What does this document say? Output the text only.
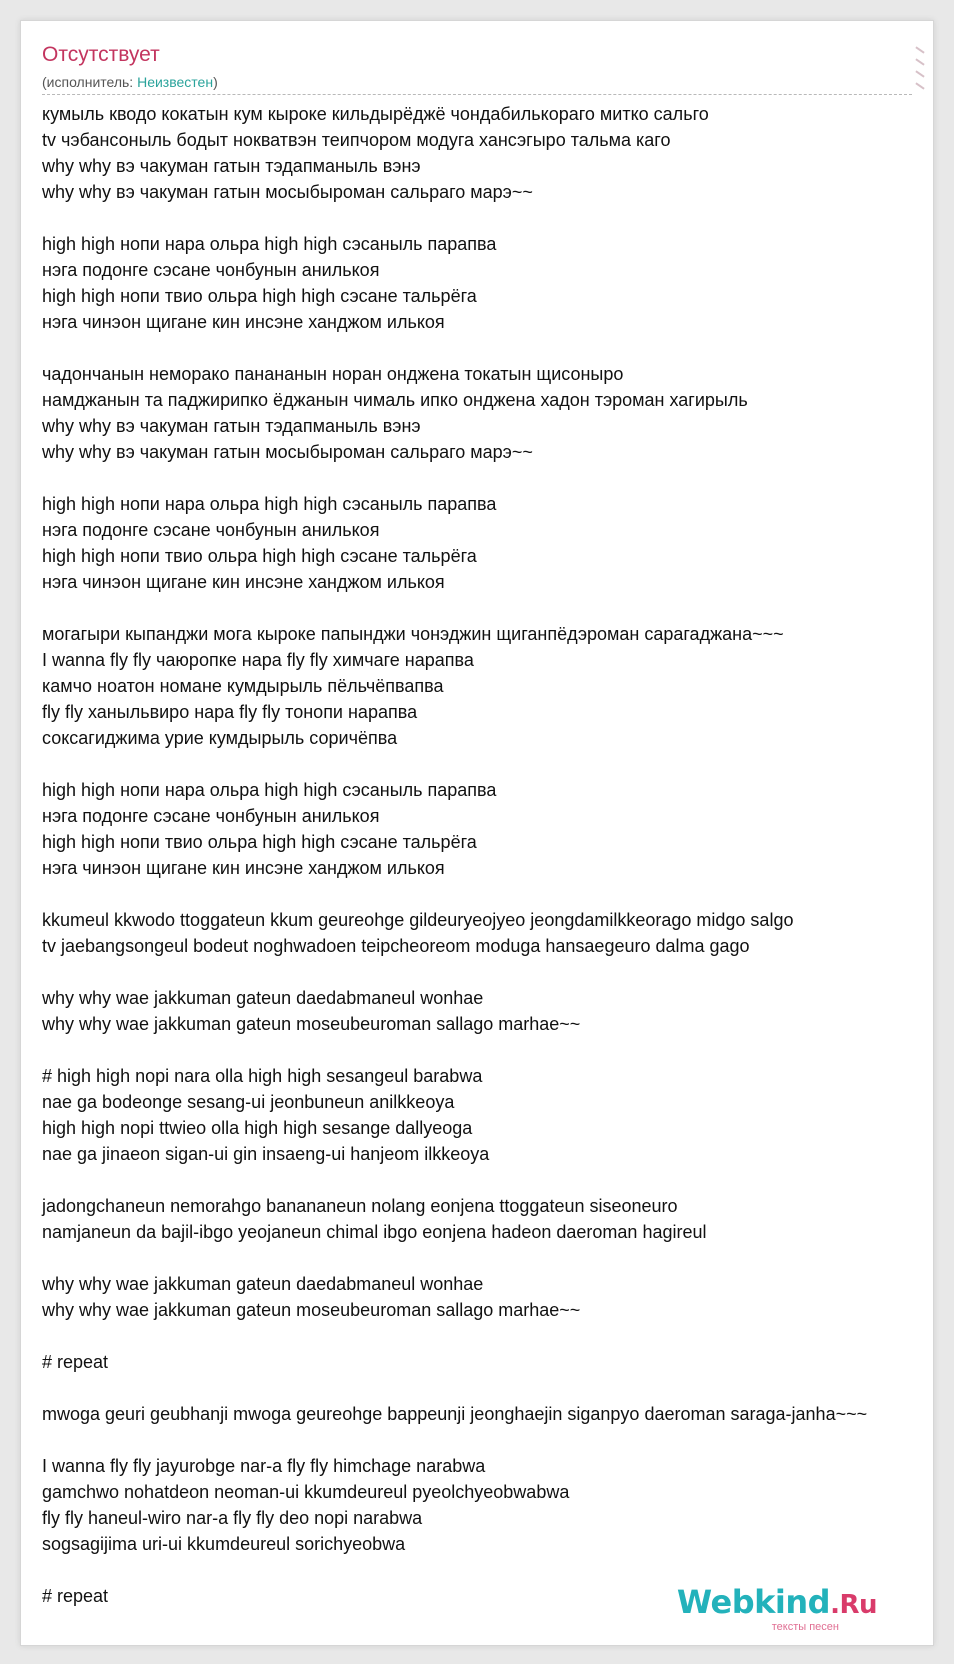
Отсутствует
(исполнитель: Неизвестен)
кумыль кводо кокатын кум кыроке кильдырёджё чондабилькораго митко сальго
tv чэбансоныль бодыт нокватвэн теипчором модуга хансэгыро тальма каго
why why вэ чакуман гатын тэдапманыль вэнэ
why why вэ чакуман гатын мосыбыроман сальраго марэ~~
high high нопи нара ольра high high сэсаныль парапва
нэга подонге сэсане чонбунын анилькоя
high high нопи твио ольра high high сэсане тальрёга
нэга чинэон щигане кин инсэне ханджом илькоя
чадончанын неморако панананын норан онджена токатын щисоныро
намджанын та паджирипко ёджанын чималь ипко онджена хадон тэроман хагирыль
why why вэ чакуман гатын тэдапманыль вэнэ
why why вэ чакуман гатын мосыбыроман сальраго марэ~~
high high нопи нара ольра high high сэсаныль парапва
нэга подонге сэсане чонбунын анилькоя
high high нопи твио ольра high high сэсане тальрёга
нэга чинэон щигане кин инсэне ханджом илькоя
могагыри кыпанджи мога кыроке папынджи чонэджин щиганпёдэроман сарагаджана~~~
I wanna fly fly чаюропке нара fly fly химчаге нарапва
камчо ноатон номане кумдырыль пёльчёпвапва
fly fly ханыльвиро нара fly fly тонопи нарапва
соксагиджима урие кумдырыль соричёпва
high high нопи нара ольра high high сэсаныль парапва
нэга подонге сэсане чонбунын анилькоя
high high нопи твио ольра high high сэсане тальрёга
нэга чинэон щигане кин инсэне ханджом илькоя
kkumeul kkwodo ttoggateun kkum geureohge gildeuryeojyeo jeongdamilkkeorago midgo salgo
tv jaebangsongeul bodeut noghwadoen teipcheoreom moduga hansaegeuro dalma gago
why why wae jakkuman gateun daedabmaneul wonhae
why why wae jakkuman gateun moseubeuroman sallago marhae~~
# high high nopi nara olla high high sesangeul barabwa
nae ga bodeonge sesang-ui jeonbuneun anilkkeoya
high high nopi ttwieo olla high high sesange dallyeoga
nae ga jinaeon sigan-ui gin insaeng-ui hanjeom ilkkeoya
jadongchaneun nemorahgo banananeun nolang eonjena ttoggateun siseoneuro
namjaneun da bajil-ibgo yeojaneun chimal ibgo eonjena hadeon daeroman hagireul
why why wae jakkuman gateun daedabmaneul wonhae
why why wae jakkuman gateun moseubeuroman sallago marhae~~
# repeat
mwoga geuri geubhanji mwoga geureohge bappeunji jeonghaejin siganpyo daeroman saraga-janha~~~
I wanna fly fly jayurobge nar-a fly fly himchage narabwa
gamchwo nohatdeon neoman-ui kkumdeureul pyeolchyeobwabwa
fly fly haneul-wiro nar-a fly fly deo nopi narabwa
sogsagijima uri-ui kkumdeureul sorichyeobwa
# repeat	Webkind.Ru
тексты песен
